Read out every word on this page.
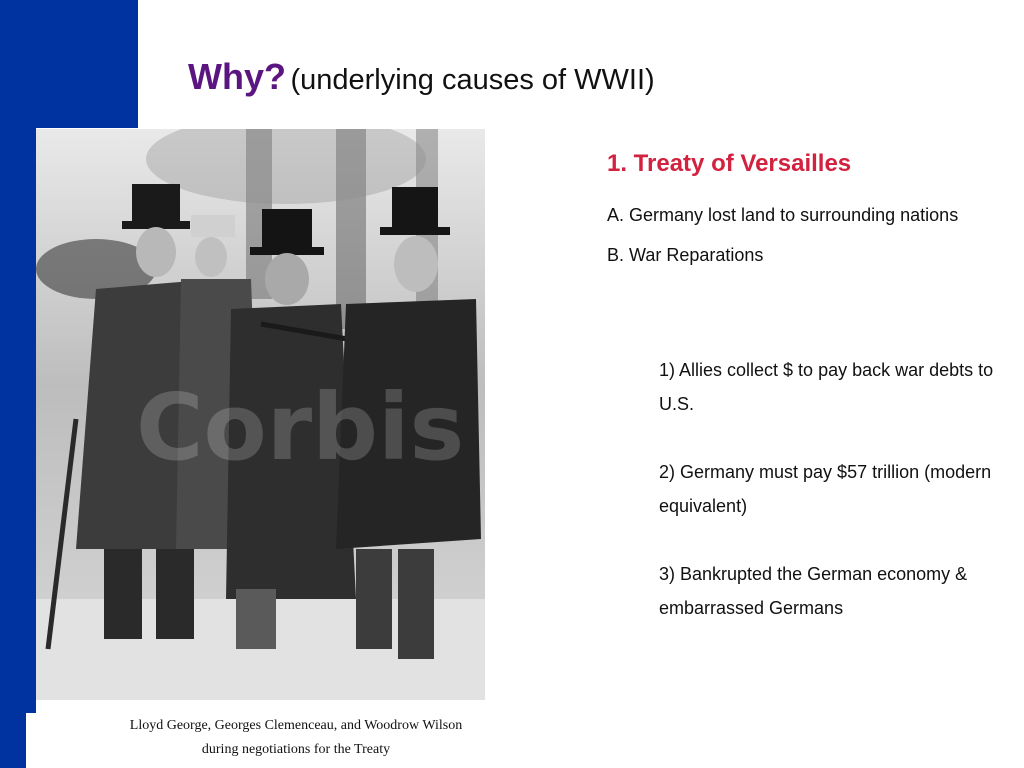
Why? (underlying causes of WWII)
Corbis
Lloyd George, Georges Clemenceau, and Woodrow Wilson
during negotiations for the Treaty
1. Treaty of Versailles
A. Germany lost land to surrounding nations
B. War Reparations
1) Allies collect $ to pay back war debts to U.S.
2) Germany must pay $57 trillion (modern equivalent)
3) Bankrupted the German economy & embarrassed Germans
